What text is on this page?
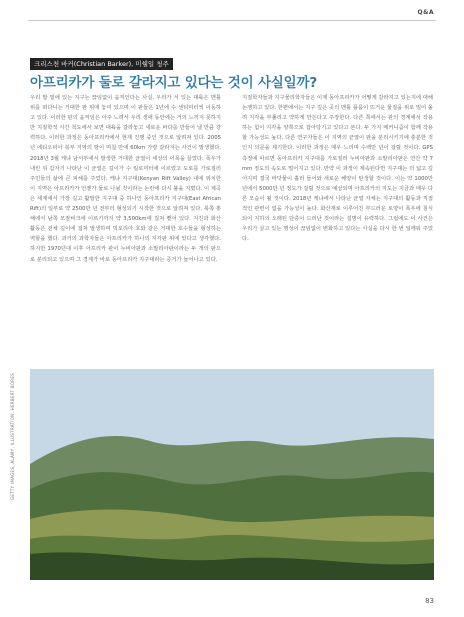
Q&A
크리스천 바커(Christian Barker), 미쉘일 청주
아프리카가 둘로 갈라지고 있다는 것이 사실일까?

우리 발 밑에 있는 지구는 끊임없이 움직인다는 사실. 우리가 서 있는 대륙은 맨틀 위를 떠다니는 거대한 판 위에 놓여 있으며 이 판들은 1년에 수 센티미터씩 이동하고 있다. 이러한 판의 움직임은 아주 느려서 우리 생애 동안에는 거의 느끼지 못하지만 지질학적 시간 척도에서 보면 대륙을 갈라놓고 새로운 바다를 만들어 낼 만큼 강력하다. 이러한 과정은 동아프리카에서 현재 진행 중인 것으로 알려져 있다. 2005년 에티오피아 북부 지역의 땅이 며칠 만에 60km 가량 갈라지는 사건이 발생했다. 2018년 3월 케냐 남서부에서 발생한 거대한 균열이 세상의 이목을 끌었다. 폭우가 내린 뒤 갑자기 나타난 이 균열은 길이가 수 킬로미터에 이르렀고 도로를 가로질러 주민들의 삶에 큰 피해를 주었다. 케냐 지구대(Kenyan Rift Valley) 내에 위치한 이 지역은 아프리카가 언젠가 둘로 나뉠 것이라는 논란에 다시 불을 지폈다. 이 계곡은 세계에서 가장 길고 활발한 지구대 중 하나인 동아프리카 지구대(East African Rift)의 일부로 약 2500만 년 전부터 형성되기 시작한 것으로 알려져 있다. 북쪽 홍해에서 남쪽 모잠비크에 이르기까지 약 3,500km에 걸쳐 뻗어 있다. 지진과 화산 활동은 전체 길이에 걸쳐 발생하며 빅토리아 호와 같은 거대한 호수들을 형성하는 역할을 했다. 과거의 과학자들은 아프리카가 하나의 지각판 위에 있다고 생각했다. 하지만 1970년대 이후 아프리카 판이 누비아판과 소말리아판이라는 두 개의 판으로 분리되고 있으며 그 경계가 바로 동아프리카 지구대라는 증거가 늘어나고 있다.

지질학자들과 지구물리학자들은 이제 동아프리카가 어떻게 갈라지고 있는지에 대해 논쟁하고 있다. 한편에서는 지구 깊은 곳의 맨틀 플룸이 뜨거운 물질을 위로 밀어 올려 지각을 부풀리고 약하게 만든다고 주장한다. 다른 쪽에서는 판의 경계에서 작용하는 힘이 지각을 양쪽으로 잡아당기고 있다고 본다. 두 가지 메커니즘이 함께 작용할 가능성도 높다. 다른 연구자들은 이 지역의 균열이 판을 분리시키기에 충분한 것인지 의문을 제기한다. 이러한 과정은 매우 느리며 수백만 년이 걸릴 것이다. GPS 측정에 따르면 동아프리카 지구대를 가로질러 누비아판과 소말리아판은 연간 약 7mm 정도의 속도로 멀어지고 있다. 만약 이 과정이 계속된다면 지구대는 더 넓고 깊어지며 결국 바닷물이 흘러 들어와 새로운 해양이 탄생할 것이다. 이는 약 1000만 년에서 5000만 년 정도가 걸릴 것으로 예상되며 아프리카의 지도는 지금과 매우 다른 모습이 될 것이다. 2018년 케냐에서 나타난 균열 자체는 지구대의 활동과 직접적인 관련이 없을 가능성이 높다. 화산재로 이루어진 부드러운 토양이 폭우에 침식되어 지하의 오래된 단층이 드러난 것이라는 설명이 유력하다. 그럼에도 이 사건은 우리가 살고 있는 행성이 끊임없이 변화하고 있다는 사실을 다시 한 번 일깨워 주었다.

GETTY IMAGES, ALAMY, ILLUSTRATION: HERBERT BORES
83
